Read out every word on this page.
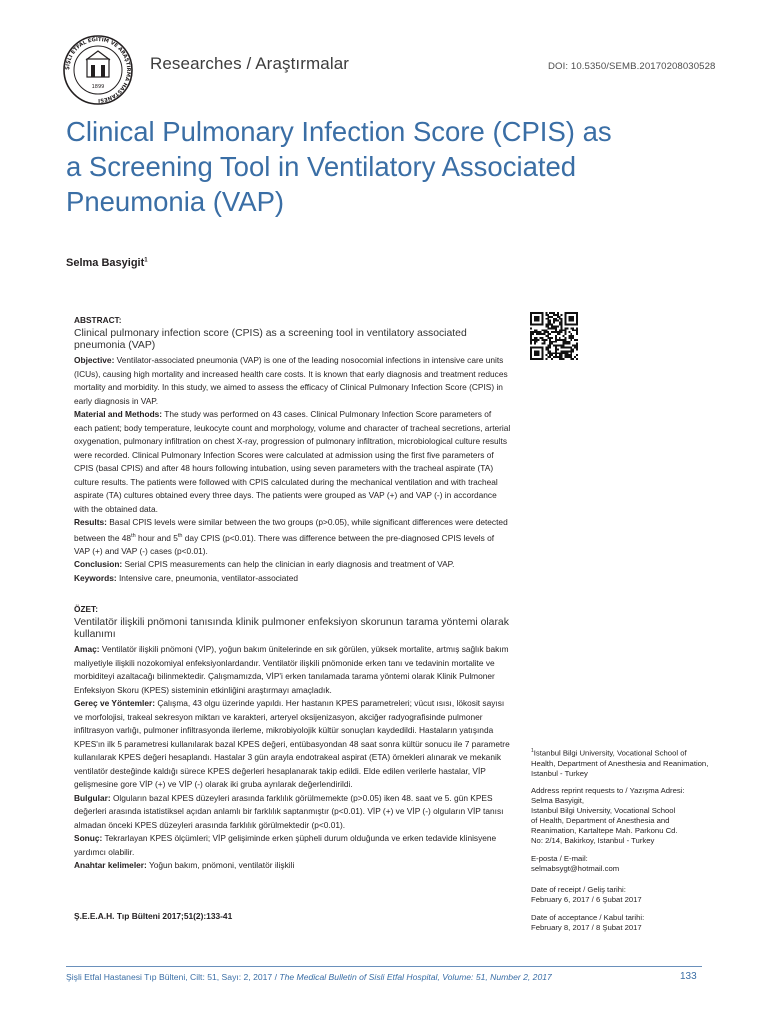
ŞİŞLİ ETFAL EĞİTİM VE ARAŞTIRMA HASTANESİ
1899
Researches / Araştırmalar	DOI: 10.5350/SEMB.20170208030528
Clinical Pulmonary Infection Score (CPIS) as a Screening Tool in Ventilatory Associated Pneumonia (VAP)
Selma Basyigit$^1$

ABSTRACT:

Clinical pulmonary infection score (CPIS) as a screening tool in ventilatory associated pneumonia (VAP)

Objective: Ventilator-associated pneumonia (VAP) is one of the leading nosocomial infections in intensive care units (ICUs), causing high mortality and increased health care costs. It is known that early diagnosis and treatment reduces mortality and morbidity. In this study, we aimed to assess the efficacy of Clinical Pulmonary Infection Score (CPIS) in early diagnosis in VAP.

Material and Methods: The study was performed on 43 cases. Clinical Pulmonary Infection Score parameters of each patient; body temperature, leukocyte count and morphology, volume and character of tracheal secretions, arterial oxygenation, pulmonary infiltration on chest X-ray, progression of pulmonary infiltration, microbiological culture results were recorded. Clinical Pulmonary Infection Scores were calculated at admission using the first five parameters of CPIS (basal CPIS) and after 48 hours following intubation, using seven parameters with the tracheal aspirate (TA) culture results. The patients were followed with CPIS calculated during the mechanical ventilation and with tracheal aspirate (TA) cultures obtained every three days. The patients were grouped as VAP (+) and VAP (-) in accordance with the obtained data.

Results: Basal CPIS levels were similar between the two groups (p>0.05), while significant differences were detected between the 48th hour and 5th day CPIS (p<0.01). There was difference between the pre-diagnosed CPIS levels of VAP (+) and VAP (-) cases (p<0.01).

Conclusion: Serial CPIS measurements can help the clinician in early diagnosis and treatment of VAP.

Keywords: Intensive care, pneumonia, ventilator-associated

ÖZET:

Ventilatör ilişkili pnömoni tanısında klinik pulmoner enfeksiyon skorunun tarama yöntemi olarak kullanımı

Amaç: Ventilatör ilişkili pnömoni (VİP), yoğun bakım ünitelerinde en sık görülen, yüksek mortalite, artmış sağlık bakım maliyetiyle ilişkili nozokomiyal enfeksiyonlardandır. Ventilatör ilişkili pnömonide erken tanı ve tedavinin mortalite ve morbiditeyi azaltacağı bilinmektedir. Çalışmamızda, VİP'i erken tanılamada tarama yöntemi olarak Klinik Pulmoner Enfeksiyon Skoru (KPES) sisteminin etkinliğini araştırmayı amaçladık.

Gereç ve Yöntemler: Çalışma, 43 olgu üzerinde yapıldı. Her hastanın KPES parametreleri; vücut ısısı, lökosit sayısı ve morfolojisi, trakeal sekresyon miktarı ve karakteri, arteryel oksijenizasyon, akciğer radyografisinde pulmoner infiltrasyon varlığı, pulmoner infiltrasyonda ilerleme, mikrobiyolojik kültür sonuçları kaydedildi. Hastaların yatışında KPES'ın ilk 5 parametresi kullanılarak bazal KPES değeri, entübasyondan 48 saat sonra kültür sonucu ile 7 parametre kullanılarak KPES değeri hesaplandı. Hastalar 3 gün arayla endotrakeal aspirat (ETA) örnekleri alınarak ve mekanik ventilatör desteğinde kaldığı sürece KPES değerleri hesaplanarak takip edildi. Elde edilen verilerle hastalar, VİP gelişmesine gore VİP (+) ve VİP (-) olarak iki gruba ayrılarak değerlendirildi.

Bulgular: Olguların bazal KPES düzeyleri arasında farklılık görülmemekte (p>0.05) iken 48. saat ve 5. gün KPES değerleri arasında istatistiksel açıdan anlamlı bir farklılık saptanmıştır (p<0.01). VİP (+) ve VİP (-) olguların VİP tanısı almadan önceki KPES düzeyleri arasında farklılık görülmektedir (p<0.01).

Sonuç: Tekrarlayan KPES ölçümleri; VİP gelişiminde erken şüpheli durum olduğunda ve erken tedavide klinisyene yardımcı olabilir.

Anahtar kelimeler: Yoğun bakım, pnömoni, ventilatör ilişkili

Ş.E.E.A.H. Tıp Bülteni 2017;51(2):133-41
$^1$Istanbul Bilgi University, Vocational School of Health, Department of Anesthesia and Reanimation, Istanbul - Turkey

Address reprint requests to / Yazışma Adresi:

Selma Basyigit,

Istanbul Bilgi University, Vocational School

of Health, Department of Anesthesia and

Reanimation, Kartaltepe Mah. Parkonu Cd.

No: 2/14, Bakirkoy, Istanbul - Turkey

E-posta / E-mail:

selmabsygt@hotmail.com

Date of receipt / Geliş tarihi:

February 6, 2017 / 6 Şubat 2017

Date of acceptance / Kabul tarihi:

February 8, 2017 / 8 Şubat 2017

Şişli Etfal Hastanesi Tıp Bülteni, Cilt: 51, Sayı: 2, 2017 / The Medical Bulletin of Sisli Etfal Hospital, Volume: 51, Number 2, 2017	133
